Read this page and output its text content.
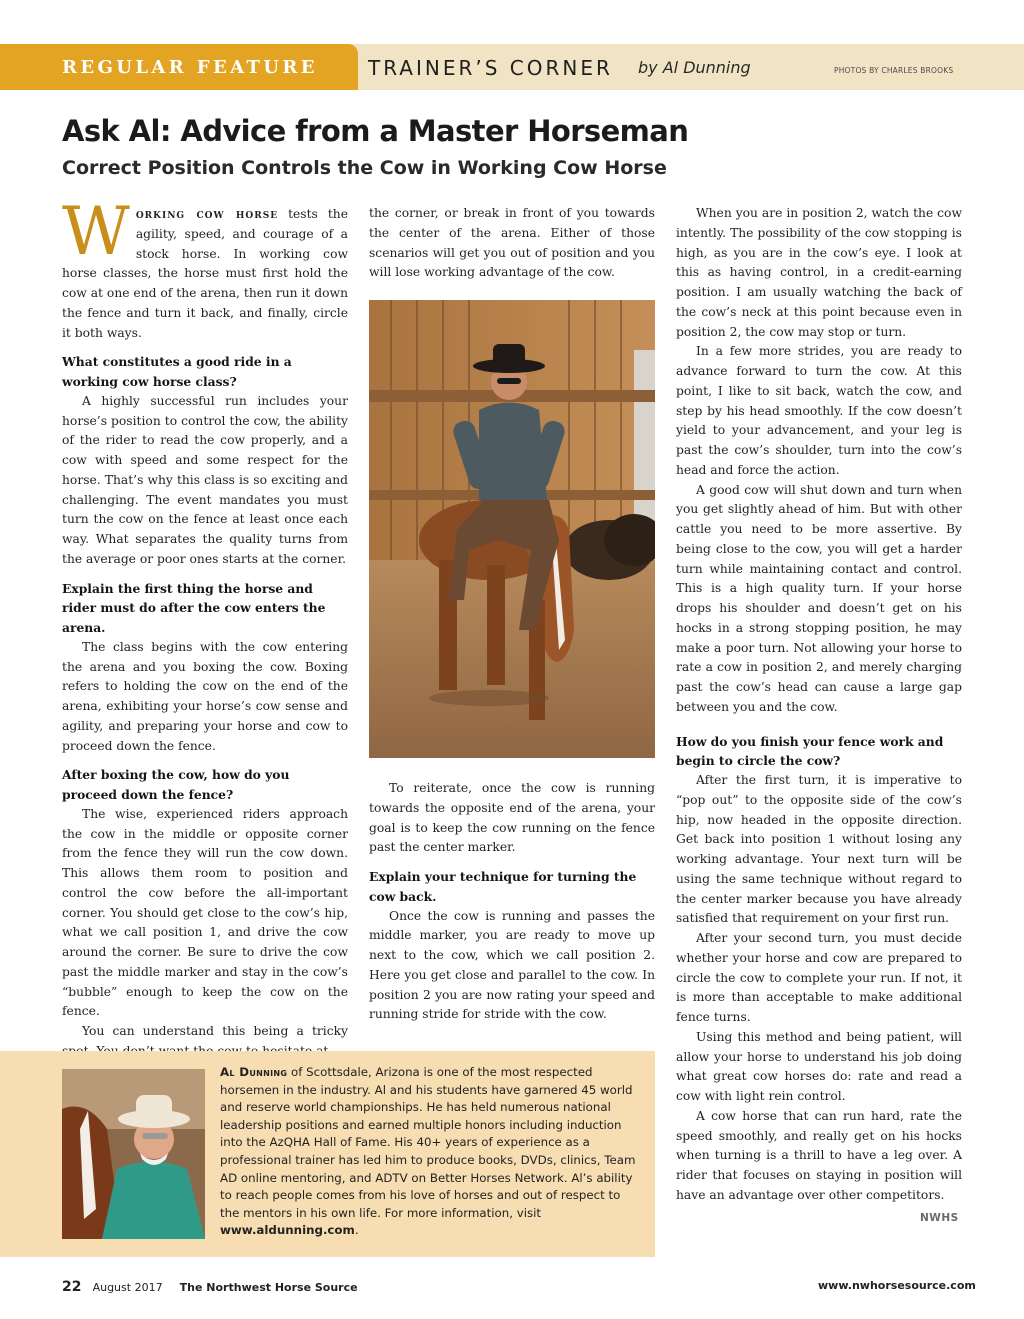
REGULAR FEATURE	TRAINER’S CORNER by Al Dunning	PHOTOS BY CHARLES BROOKS
Ask Al: Advice from a Master Horseman
Correct Position Controls the Cow in Working Cow Horse

Working cow horse tests the agility, speed, and courage of a stock horse. In working cow horse classes, the horse must first hold the cow at one end of the arena, then run it down the fence and turn it back, and finally, circle it both ways.

What constitutes a good ride in a working cow horse class?

A highly successful run includes your horse’s position to control the cow, the ability of the rider to read the cow properly, and a cow with speed and some respect for the horse. That’s why this class is so exciting and challenging. The event mandates you must turn the cow on the fence at least once each way. What separates the quality turns from the average or poor ones starts at the corner.

Explain the first thing the horse and rider must do after the cow enters the arena.

The class begins with the cow entering the arena and you boxing the cow. Boxing refers to holding the cow on the end of the arena, exhibiting your horse’s cow sense and agility, and preparing your horse and cow to proceed down the fence.

After boxing the cow, how do you proceed down the fence?

The wise, experienced riders approach the cow in the middle or opposite corner from the fence they will run the cow down. This allows them room to position and control the cow before the all-important corner. You should get close to the cow’s hip, what we call position 1, and drive the cow around the corner. Be sure to drive the cow past the middle marker and stay in the cow’s “bubble” enough to keep the cow on the fence.

You can understand this being a tricky

the corner, or break in front of you towards the center of the arena. Either of those scenarios will get you out of position and you will lose working advantage of the cow.

To reiterate, once the cow is running towards the opposite end of the arena, your goal is to keep the cow running on the fence past the center marker.

Explain your technique for turning the cow back.

Once the cow is running and passes the middle marker, you are ready to move up next to the cow, which we call position 2. Here you get close and parallel to the cow. In position 2 you are now rating your speed and running stride for stride with the cow.

When you are in position 2, watch the cow intently. The possibility of the cow stopping is high, as you are in the cow’s eye. I look at this as having control, in a credit-earning position. I am usually watching the back of the cow’s neck at this point because even in position 2, the cow may stop or turn.

In a few more strides, you are ready to advance forward to turn the cow. At this point, I like to sit back, watch the cow, and step by his head smoothly. If the cow doesn’t yield to your advancement, and your leg is past the cow’s shoulder, turn into the cow’s head and force the action.

A good cow will shut down and turn when you get slightly ahead of him. But with other cattle you need to be more assertive. By being close to the cow, you will get a harder turn while maintaining contact and control. This is a high quality turn. If your horse drops his shoulder and doesn’t get on his hocks in a strong stopping position, he may make a poor turn. Not allowing your horse to rate a cow in position 2, and merely charging past the cow’s head can cause a large gap between you and the cow.

How do you finish your fence work and begin to circle the cow?

After the first turn, it is imperative to “pop out” to the opposite side of the cow’s hip, now headed in the opposite direction. Get back into position 1 without losing any working advantage. Your next turn will be using the same technique without regard to the center marker because you have already satisfied that requirement on your first run.

After your second turn, you must decide whether your horse and cow are prepared to circle the cow to complete your run. If not, it is more than acceptable to make additional fence turns.

Using this method and being patient, will allow your horse to understand his job doing what great cow horses do: rate and read a cow with light rein control.

A cow horse that can run hard, rate the speed smoothly, and really get on his hocks when turning is a thrill to have a leg over. A rider that focuses on staying in position will have an advantage over other competitors.

NWHS
Al Dunning of Scottsdale, Arizona is one of the most respected horsemen in the industry. Al and his students have garnered 45 world and reserve world championships. He has held numerous national leadership positions and earned multiple honors including induction into the AzQHA Hall of Fame. His 40+ years of experience as a professional trainer has led him to produce books, DVDs, clinics, Team AD online mentoring, and ADTV on Better Horses Network. Al’s ability to reach people comes from his love of horses and out of respect to the mentors in his own life. For more information, visit www.aldunning.com.
22 August 2017 The Northwest Horse Source	www.nwhorsesource.com
